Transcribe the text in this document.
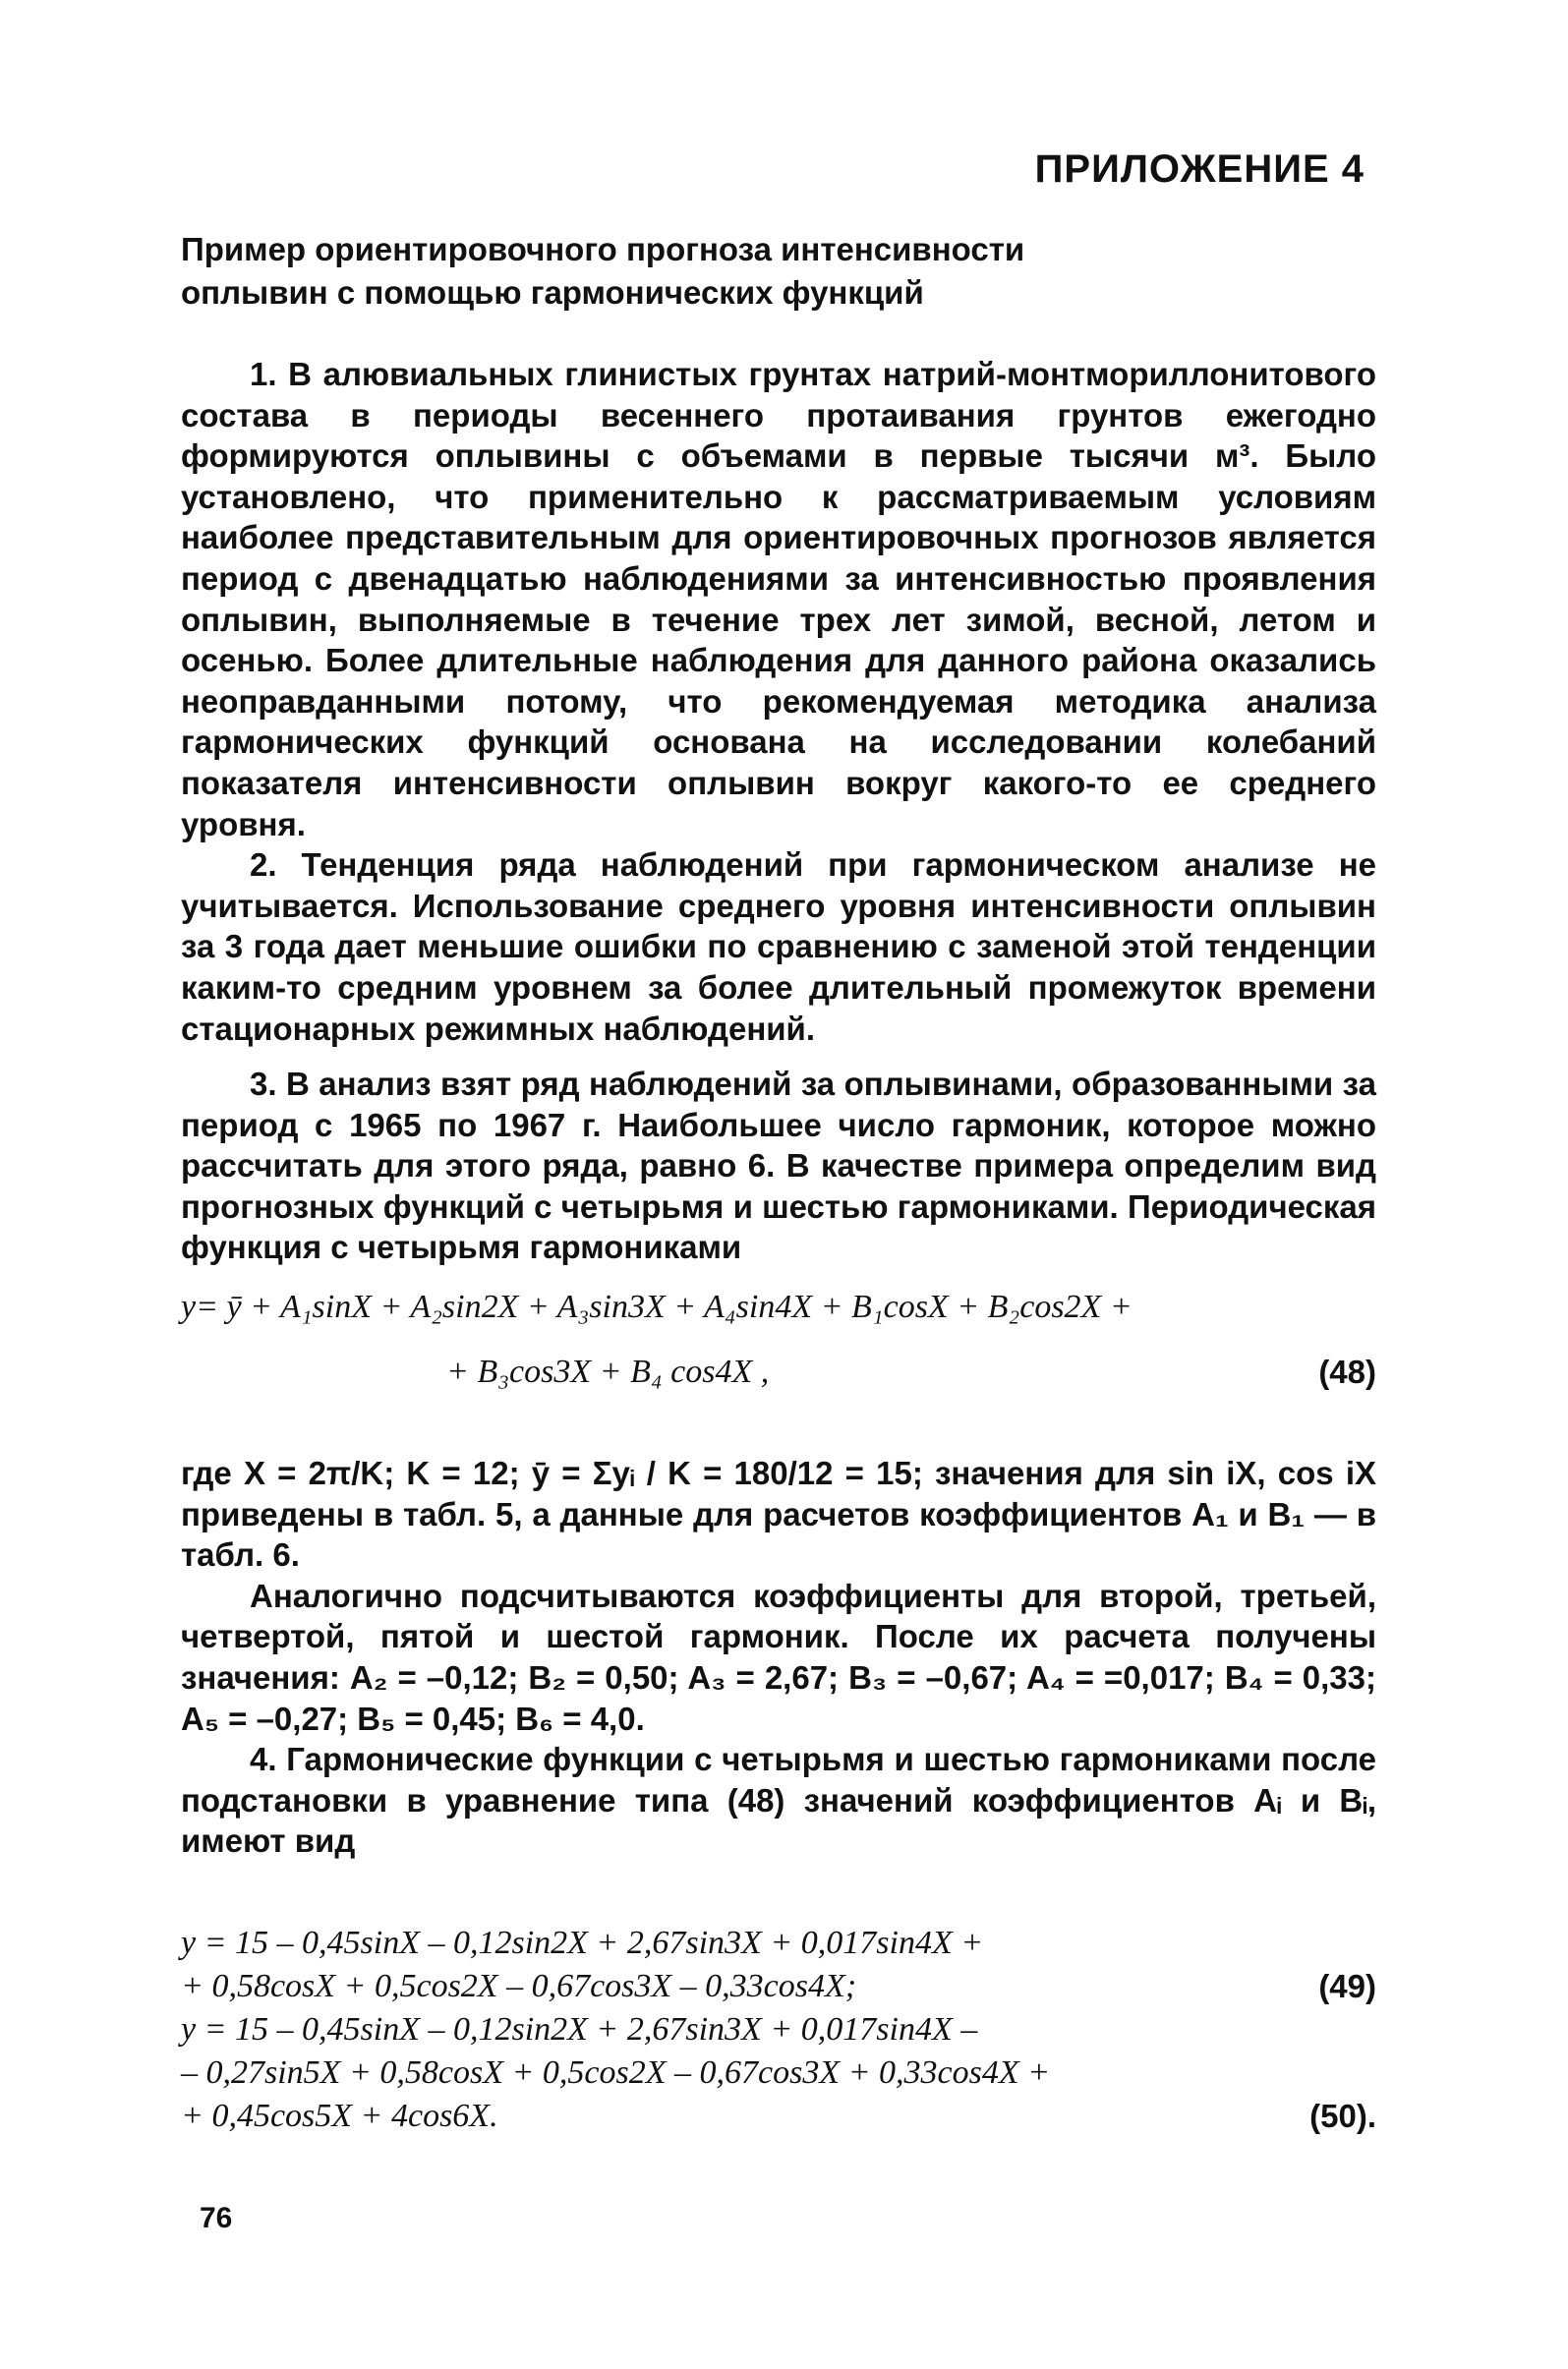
ПРИЛОЖЕНИЕ 4
Пример ориентировочного прогноза интенсивности
оплывин с помощью гармонических функций

1. В алювиальных глинистых грунтах натрий-монтмориллонитового состава в периоды весеннего протаивания грунтов ежегодно формируются оплывины с объемами в первые тысячи м³. Было установлено, что применительно к рассматриваемым условиям наиболее представительным для ориентировочных прогнозов является период с двенадцатью наблюдениями за интенсивностью проявления оплывин, выполняемые в течение трех лет зимой, весной, летом и осенью. Более длительные наблюдения для данного района оказались неоправданными потому, что рекомендуемая методика анализа гармонических функций основана на исследовании колебаний показателя интенсивности оплывин вокруг какого-то ее среднего уровня.

2. Тенденция ряда наблюдений при гармоническом анализе не учитывается. Использование среднего уровня интенсивности оплывин за 3 года дает меньшие ошибки по сравнению с заменой этой тенденции каким-то средним уровнем за более длительный промежуток времени стационарных режимных наблюдений.

3. В анализ взят ряд наблюдений за оплывинами, образованными за период с 1965 по 1967 г. Наибольшее число гармоник, которое можно рассчитать для этого ряда, равно 6. В качестве примера определим вид прогнозных функций с четырьмя и шестью гармониками. Периодическая функция с четырьмя гармониками

y= ȳ + A₁sinX + A₂sin2X + A₃sin3X + A₄sin4X + B₁cosX + B₂cos2X +
+ B₃cos3X + B₄ cos4X ,	(48)

где X = 2π/K; K = 12; ȳ = Σyᵢ / K = 180/12 = 15; значения для sin iX, cos iX приведены в табл. 5, а данные для расчетов коэффициентов A₁ и B₁ — в табл. 6.

Аналогично подсчитываются коэффициенты для второй, третьей, четвертой, пятой и шестой гармоник. После их расчета получены значения: A₂ = –0,12; B₂ = 0,50; A₃ = 2,67; B₃ = –0,67; A₄ = =0,017; B₄ = 0,33; A₅ = –0,27; B₅ = 0,45; B₆ = 4,0.

4. Гармонические функции с четырьмя и шестью гармониками после подстановки в уравнение типа (48) значений коэффициентов Aᵢ и Bᵢ, имеют вид

y = 15 – 0,45sinX – 0,12sin2X + 2,67sin3X + 0,017sin4X +
+ 0,58cosX + 0,5cos2X – 0,67cos3X – 0,33cos4X;	(49)
y = 15 – 0,45sinX – 0,12sin2X + 2,67sin3X + 0,017sin4X –
– 0,27sin5X + 0,58cosX + 0,5cos2X – 0,67cos3X + 0,33cos4X +
+ 0,45cos5X + 4cos6X.	(50).
76
